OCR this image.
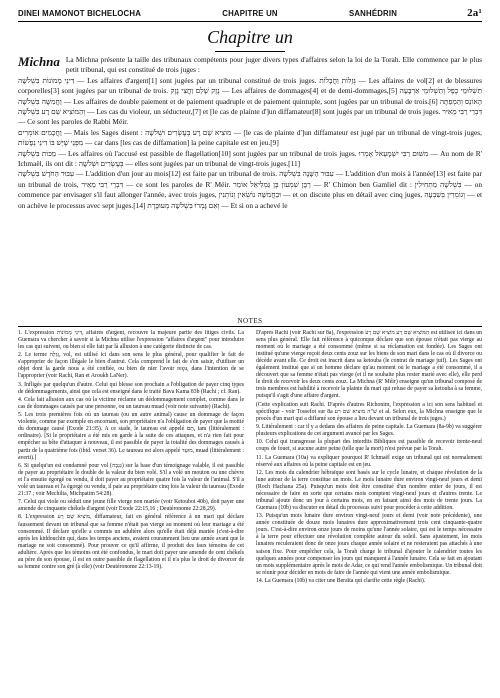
DINEI MAMONOT BICHELOCHA	CHAPITRE UN	SANHÉDRIN	2a¹
Chapitre un
Michna La Michna présente la taille des tribunaux compétents pour juger divers types d'affaires selon la loi de la Torah. Elle commence par le plus petit tribunal, qui est constitué de trois juges :

דִּינֵי מָמוֹנוֹת בִּשְׁלֹשָׁה — Les affaires d'argent[1] sont jugées par un tribunal constitué de trois juges. גְּזֵלוֹת וַחֲבָלוֹת — Les affaires de vol[2] et de blessures corporelles[3] sont jugées par un tribunal de trois. נֶזֶק שָׁלֵם וַחֲצִי נֶזֶק — Les affaires de dommages[4] et de demi-dommages,[5] תַּשְׁלוּמֵי כֶפֶל וְתַשְׁלוּמֵי אַרְבָּעָה וַחֲמִשָּׁה בִּשְׁלֹשָׁה — Les affaires de double paiement et de paiement quadruple et de paiement quintuple, sont jugées par un tribunal de trois.[6] הָאוֹנֵס וְהַמְפַתֶּה וְהַמּוֹצִיא שֵׁם רָע בִּשְׁלֹשָׁה — Les cas du violeur, un séducteur,[7] et [le cas de plainte d']un diffamateur[8] sont jugés par un tribunal de trois juges. דִּבְרֵי רַבִּי מֵאִיר — Ce sont les paroles de Rabbi Méir.

וַחֲכָמִים אוֹמְרִים — Mais les Sages disent : מוֹצִיא שֵׁם רָע בְּעֶשְׂרִים וּשְׁלֹשָׁה — [le cas de plainte d']un diffamateur est jugé par un tribunal de vingt-trois juges, מִפְּנֵי שֶׁיֵּשׁ בּוֹ דִינֵי נְפָשׁוֹת — car dans [les cas de diffamation] la peine capitale est en jeu.[9]

מַכּוֹת בִּשְׁלֹשָׁה — Les affaires où l'accusé est passible de flagellation[10] sont jugées par un tribunal de trois juges. מִשּׁוּם רַבִּי יִשְׁמָעֵאל אָמְרוּ — Au nom de R' Ichmaël, ils ont dit : בְּעֶשְׂרִים וּשְׁלֹשָׁה — elles sont jugées par un tribunal de vingt-trois juges.[11]

עִבּוּר הַחֹדֶשׁ בִּשְׁלֹשָׁה — L'addition d'un jour au mois[12] est faite par un tribunal de trois. עִבּוּר הַשָּׁנָה בִּשְׁלֹשָׁה — L'addition d'un mois à l'année[13] est faite par un tribunal de trois, דִּבְרֵי רַבִּי מֵאִיר — ce sont les paroles de R' Méir. רַבָּן שִׁמְעוֹן בֶּן גַּמְלִיאֵל אוֹמֵר — R' Chimon ben Gamliel dit : בִּשְׁלֹשָׁה מַתְחִילִין — on commence par envisager s'il faut allonger l'année, avec trois juges, וּבַחֲמִשָּׁה נוֹשְׂאִין וְנוֹתְנִין — et on discute plus en détail avec cinq juges, וְגוֹמְרִין בְּשִׁבְעָה — et on achève le processus avec sept juges.[14] וְאִם גָּמְרוּ בִּשְׁלֹשָׁה מְעוּבֶּרֶת — Et si on a achevé le

NOTES

1. L'expression דִּינֵי מָמוֹנוֹת, affaires d'argent, recouvre la majeure partie des litiges civils. La Guemara va chercher à savoir si la Michna utilise l'expression "affaires d'argent" pour introduire les cas qui suivent, ou bien si elle fait par là allusion à une catégorie distincte de cas.

2. Le terme גְּזֵלָה, vol, est utilisé ici dans son sens le plus général, pour qualifier le fait de s'approprier de façon illégale le bien d'autrui. Cela comprend le fait de s'en saisir, d'utiliser un objet dont la garde nous a été confiée, ou bien de nier l'avoir reçu, dans l'intention de se l'approprier (voir Rachi, Ran et Aroukh LaNer).

3. Infligés par quelqu'un d'autre. Celui qui blesse son prochain a l'obligation de payer cinq types de dédommagements, ainsi que cela est enseigné dans le traité Bava Kama 83b (Rachi ; cf. Ran).

4. Cela fait allusion aux cas où la victime réclame un dédommagement complet, comme dans le cas de dommages causés par une personne, ou un taureau muad (voir note suivante) (Rachi).

5. Les trois premières fois où un taureau (ou un autre animal) cause un dommage de façon violente, comme par exemple en encornant, son propriétaire n'a l'obligation de payer que la moitié du dommage causé (Exode 21:35). A ce stade, le taureau est appelé תָּם, tam (littéralement : ordinaire). [Si le propriétaire a été mis en garde à la suite de ces attaques, et n'a rien fait pour empêcher sa bête d'attaquer à nouveau, il est passible de payer la totalité des dommages causés à partir de la quatrième fois (ibid. verset 36). Le taureau est alors appelé מוּעָד, muad (littéralement : averti).]

6. Si quelqu'un est condamné pour vol (גְּנֵבָה) sur la base d'un témoignage valable, il est passible de payer au propriétaire le double de la valeur du bien volé. S'il a volé un mouton ou une chèvre et l'a ensuite égorgé ou vendu, il doit payer au propriétaire quatre fois la valeur de l'animal. S'il a volé un taureau et l'a égorgé ou vendu, il paie au propriétaire cinq fois la valeur du taureau (Exode 21:37 ; voir Mechilta, Michpatim 54:28).

7. Celui qui viole ou séduit une jeune fille vierge non mariée (voir Ketoubot 40b), doit payer une amende de cinquante chékels d'argent (voir Exode 22:15,16 ; Deutéronome 22:28,29).

8. L'expression מוֹצִיא שֵׁם רָע, diffamateur, fait en général référence à un mari qui déclare faussement devant un tribunal que sa femme n'était pas vierge au moment où leur mariage a été consommé. Il déclare qu'elle a commis un adultère alors qu'elle était déjà mariée (c'est-à-dire après les kiddouchin qui, dans les temps anciens, avaient couramment lieu une année avant que le mariage ne soit consommé). Pour prouver ce qu'il affirme, il produit des faux témoins de cet adultère. Après que les témoins ont été confondus, le mari doit payer une amende de cent chékels au père de son épouse, il est en outre passible de flagellation et il n'a plus le droit de divorcer de sa femme contre son gré (à elle) (voir Deutéronome 22:13-19).

D'après Rachi (voir Rachi sur 8a), l'expression הַמּוֹצִיא שֵׁם רָע מוֹצִיא שֵׁם רָע est utilisée ici dans un sens plus général. Elle fait référence à quiconque déclare que son épouse n'était pas vierge au moment où le mariage a été consommé (même si sa réclamation est fondée). Les Sages ont institué qu'une vierge reçoit deux cents zouz sur les biens de son mari dans le cas où il divorce ou décède avant elle. Ce droit est inscrit dans sa ketouba (le contrat de mariage juif). Les Sages ont également institué que si un homme déclare qu'au moment où le mariage a été consommé, il a découvert que sa femme n'était pas vierge (et il ne souhaite plus rester marié avec elle), elle perd le droit de recevoir les deux cents zouz. La Michna (R' Méir) enseigne qu'un tribunal composé de trois membres est habilité à recevoir la plainte du mari qui refuse de payer sa ketouba à sa femme, puisqu'il s'agit d'une affaire d'argent.

(Cette explication suit Rachi. D'après d'autres Richonim, l'expression a ici son sens habituel et spécifique - voir Tossefot sur 8a ש"ה מוציא שם רע et al. Selon eux, la Michna enseigne que le procès d'un mari qui a diffamé son épouse a lieu devant un tribunal de trois juges.)

9. Littéralement : car il y a dedans des affaires de peine capitale. La Guemara (8a-9b) va suggérer plusieurs explications de cet argument avancé par les Sages.

10. Celui qui transgresse la plupart des interdits Bibliques est passible de recevoir trente-neuf coups de fouet, si aucune autre peine (telle que la mort) n'est prévue par la Torah.

11. La Guemara (10a) va expliquer pourquoi R' Ichmaël exige un tribunal qui est normalement réservé aux affaires où la peine capitale est en jeu.

12. Les mois du calendrier hébraïque sont basés sur le cycle lunaire, et chaque révolution de la lune autour de la terre constitue un mois. Le mois lunaire dure environ vingt-neuf jours et demi (Roch Hachana 25a). Puisqu'un mois doit être constitué d'un nombre entier de jours, il est nécessaire de faire en sorte que certains mois comptent vingt-neuf jours et d'autres trente. Le tribunal ajoute donc un jour à certains mois, en en faisant ainsi des mois de trente jours. La Guemara (10b) va discuter en détail du processus suivi pour procéder à cette addition.

13. Puisqu'un mois lunaire dure environ vingt-neuf jours et demi (voir note précédente), une année constituée de douze mois lunaires dure approximativement trois cent cinquante-quatre jours. C'est-à-dire environ onze jours de moins qu'une l'année solaire, qui est le temps nécessaire à la terre pour effectuer une révolution complète autour du soleil. Sans ajustement, les mois lunaires reculeraient donc de onze jours chaque année solaire et ne resteraient pas attachés à une saison fixe. Pour empêcher cela, la Torah charge le tribunal d'ajouter le calendrier toutes les quelques années pour compenser les jours qui manquent à l'année lunaire. Cela se fait en ajoutant un mois supplémentaire après le mois de Adar, ce qui rend l'année embolismique. Un tribunal doit se réunir pour décider en mois de faire de l'année qui vient une année embolismique.

14. La Guemara (10b) va citer une Beraïta qui clarifie cette règle (Rachi).
